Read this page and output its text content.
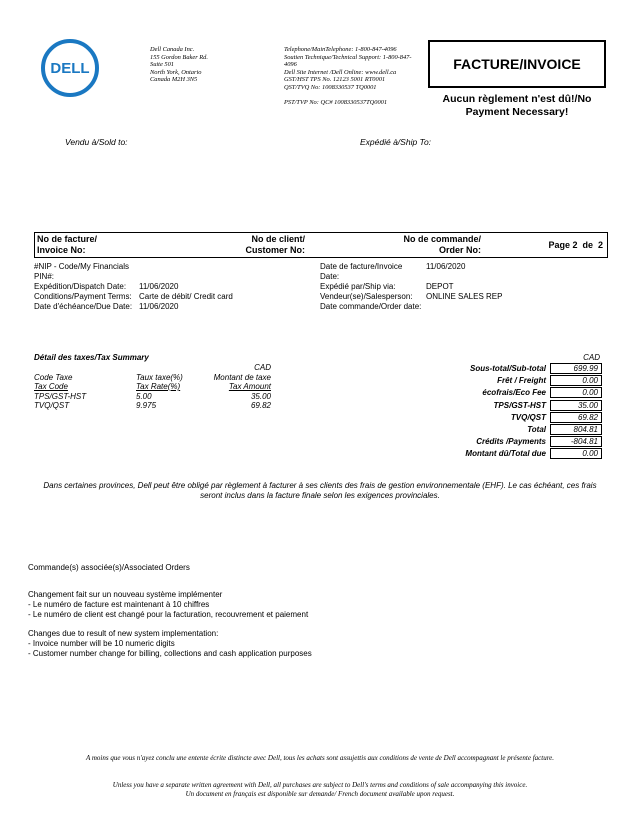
DELL
Dell Canada Inc.
155 Gordon Baker Rd.
Suite 501
North York, Ontario
Canada M2H 3N5
Telephone/MainTelephone: 1-800-847-4096
Soutien Technique/Technical Support: 1-800-847-4096
Dell Site Internet /Dell Online: www.dell.ca
GST/HST TPS No. 12123 5001 RT0001
QST/TVQ No: 1008330537 TQ0001
PST/TVP No: QC# 1008330537TQ0001
FACTURE/INVOICE
Aucun règlement n'est dû!/No Payment Necessary!
Vendu à/Sold to:	Expédié à/Ship To:
No de facture/
Invoice No:
No de client/
Customer No:
No de commande/
Order No:	Page 2  de  2
#NIP - Code/My Financials
PIN#:
Expédition/Dispatch Date: 11/06/2020
Conditions/Payment Terms: Carte de débit/ Credit card
Date d'échéance/Due Date: 11/06/2020
Date de facture/Invoice	11/06/2020
Date:
Expédié par/Ship via:	DEPOT
Vendeur(se)/Salesperson: ONLINE SALES REP
Date commande/Order date:
Détail des taxes/Tax Summary
CAD
Code Taxe	Taux taxe(%)	Montant de taxe
Tax Code	Tax Rate(%)	Tax Amount
TPS/GST-HST	5.00	35.00
TVQ/QST	9.975	69.82
CAD
Sous-total/Sub-total	699.99
Frêt / Freight	0.00
écofrais/Eco Fee	0.00
TPS/GST-HST	35.00
TVQ/QST	69.82
Total	804.81
Crédits /Payments	-804.81
Montant dû/Total due	0.00
Dans certaines provinces, Dell peut être obligé par règlement à facturer à ses clients des frais de gestion environnementale (EHF). Le cas échéant, ces frais seront inclus dans la facture finale selon les exigences provinciales.
Commande(s) associée(s)/Associated Orders
Changement fait sur un nouveau système implémenter
- Le numéro de facture est maintenant à 10 chiffres
- Le numéro de client est changé pour la facturation, recouvrement et paiement
Changes due to result of new system implementation:
- Invoice number will be 10 numeric digits
- Customer number change for billing, collections and cash application purposes
A moins que vous n'ayez conclu une entente écrite distincte avec Dell, tous les achats sont assujettis aux conditions de vente de Dell accompagnant le présente facture.
Unless you have a separate written agreement with Dell, all purchases are subject to Dell's terms and conditions of sale accompanying this invoice.
Un document en français est disponible sur demande/ French document available upon request.
